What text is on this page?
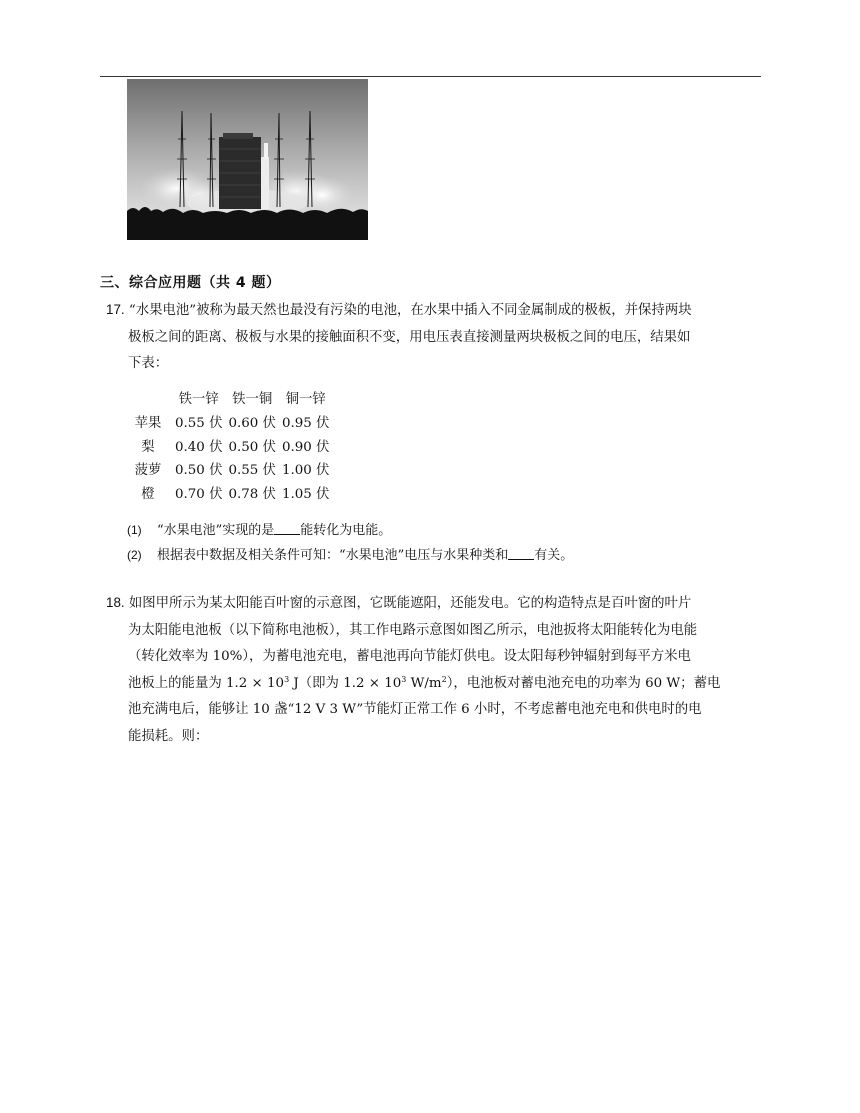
三、综合应用题（共 4 题）
17. “水果电池”被称为最天然也最没有污染的电池，在水果中插入不同金属制成的极板，并保持两块
极板之间的距离、极板与水果的接触面积不变，用电压表直接测量两块极板之间的电压，结果如
下表：
	铁一锌	铁一铜	铜一锌
苹果	0.55 伏	0.60 伏	0.95 伏
梨	0.40 伏	0.50 伏	0.90 伏
菠萝	0.50 伏	0.55 伏	1.00 伏
橙	0.70 伏	0.78 伏	1.05 伏
(1) “水果电池”实现的是 能转化为电能。
(2) 根据表中数据及相关条件可知：“水果电池”电压与水果种类和 有关。
18. 如图甲所示为某太阳能百叶窗的示意图，它既能遮阳，还能发电。它的构造特点是百叶窗的叶片
为太阳能电池板（以下简称电池板），其工作电路示意图如图乙所示，电池扳将太阳能转化为电能
（转化效率为 10%），为蓄电池充电，蓄电池再向节能灯供电。设太阳每秒钟辐射到每平方米电
池板上的能量为 $1.2 \times 10^3$ J（即为 $1.2 \times 10^3$ $W/m^2$），电池板对蓄电池充电的功率为 60 W；蓄电
池充满电后，能够让 10 盏“12 V 3 W”节能灯正常工作 6 小时，不考虑蓄电池充电和供电时的电
能损耗。则：
